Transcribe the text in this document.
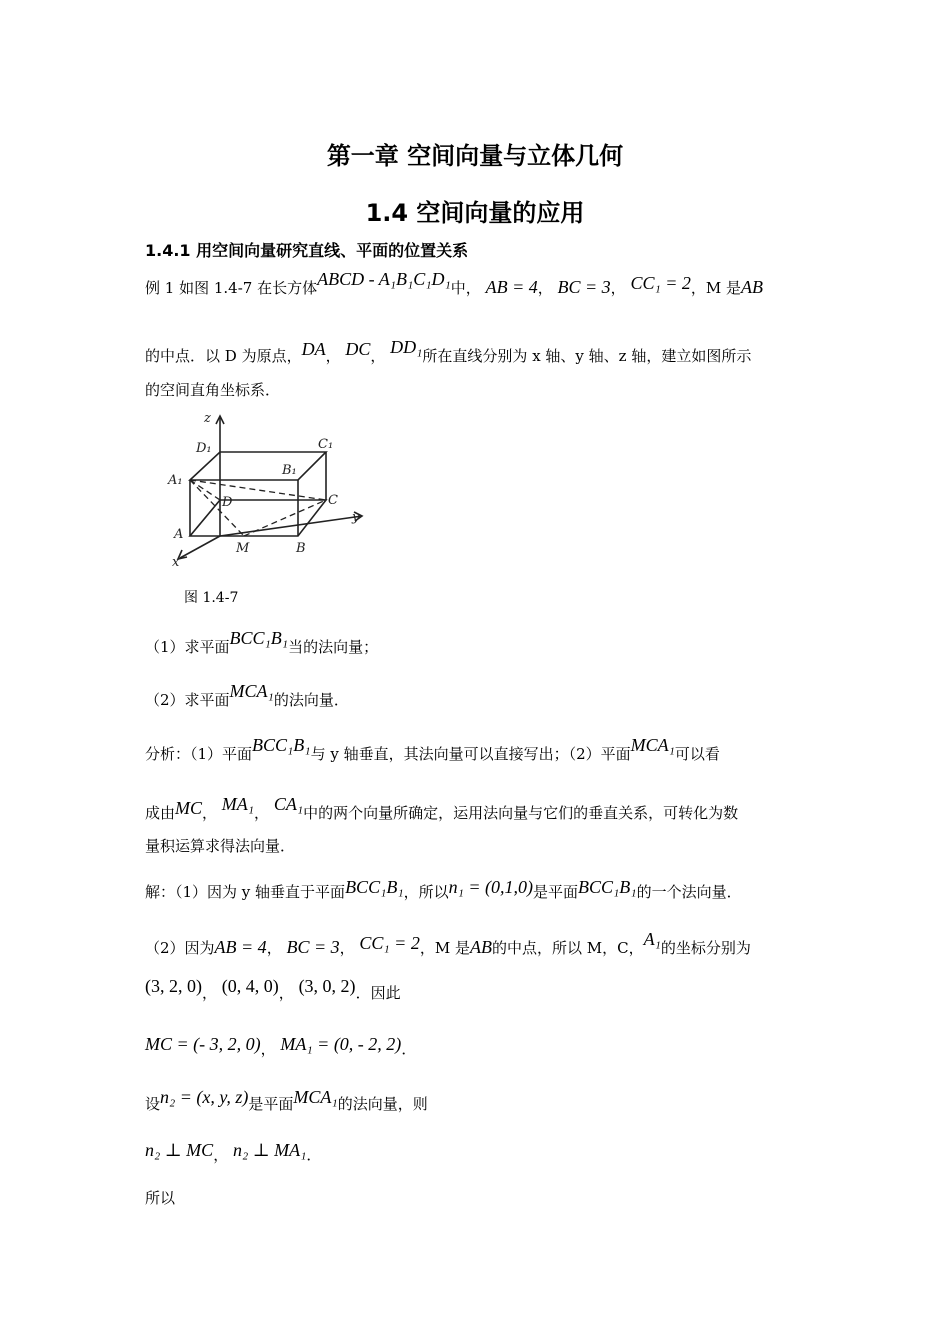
第一章 空间向量与立体几何
1.4 空间向量的应用
1.4.1 用空间向量研究直线、平面的位置关系
例 1 如图 1.4-7 在长方体ABCD - A₁B₁C₁D₁中， AB = 4， BC = 3， CC₁ = 2，M 是AB
的中点．以 D 为原点，DA， DC， DD₁所在直线分别为 x 轴、y 轴、z 轴，建立如图所示
的空间直角坐标系．
z
y
x
D₁	C₁
B₁
A₁
D	C
A
M	B
图 1.4-7
（1）求平面BCC₁B₁当的法向量；
（2）求平面MCA₁的法向量．
分析：（1）平面BCC₁B₁与 y 轴垂直，其法向量可以直接写出；（2）平面MCA₁可以看
成由MC， MA₁， CA₁中的两个向量所确定，运用法向量与它们的垂直关系，可转化为数
量积运算求得法向量．
解：（1）因为 y 轴垂直于平面BCC₁B₁，所以n₁ = (0,1,0)是平面BCC₁B₁的一个法向量．
（2）因为AB = 4， BC = 3， CC₁ = 2，M 是AB的中点，所以 M，C，A₁的坐标分别为
(3, 2, 0)， (0, 4, 0)， (3, 0, 2)．因此
MC = (- 3, 2, 0)， MA₁ = (0, - 2, 2)．
设n₂ = (x, y, z)是平面MCA₁的法向量，则
n₂ ⊥ MC， n₂ ⊥ MA₁．
所以
